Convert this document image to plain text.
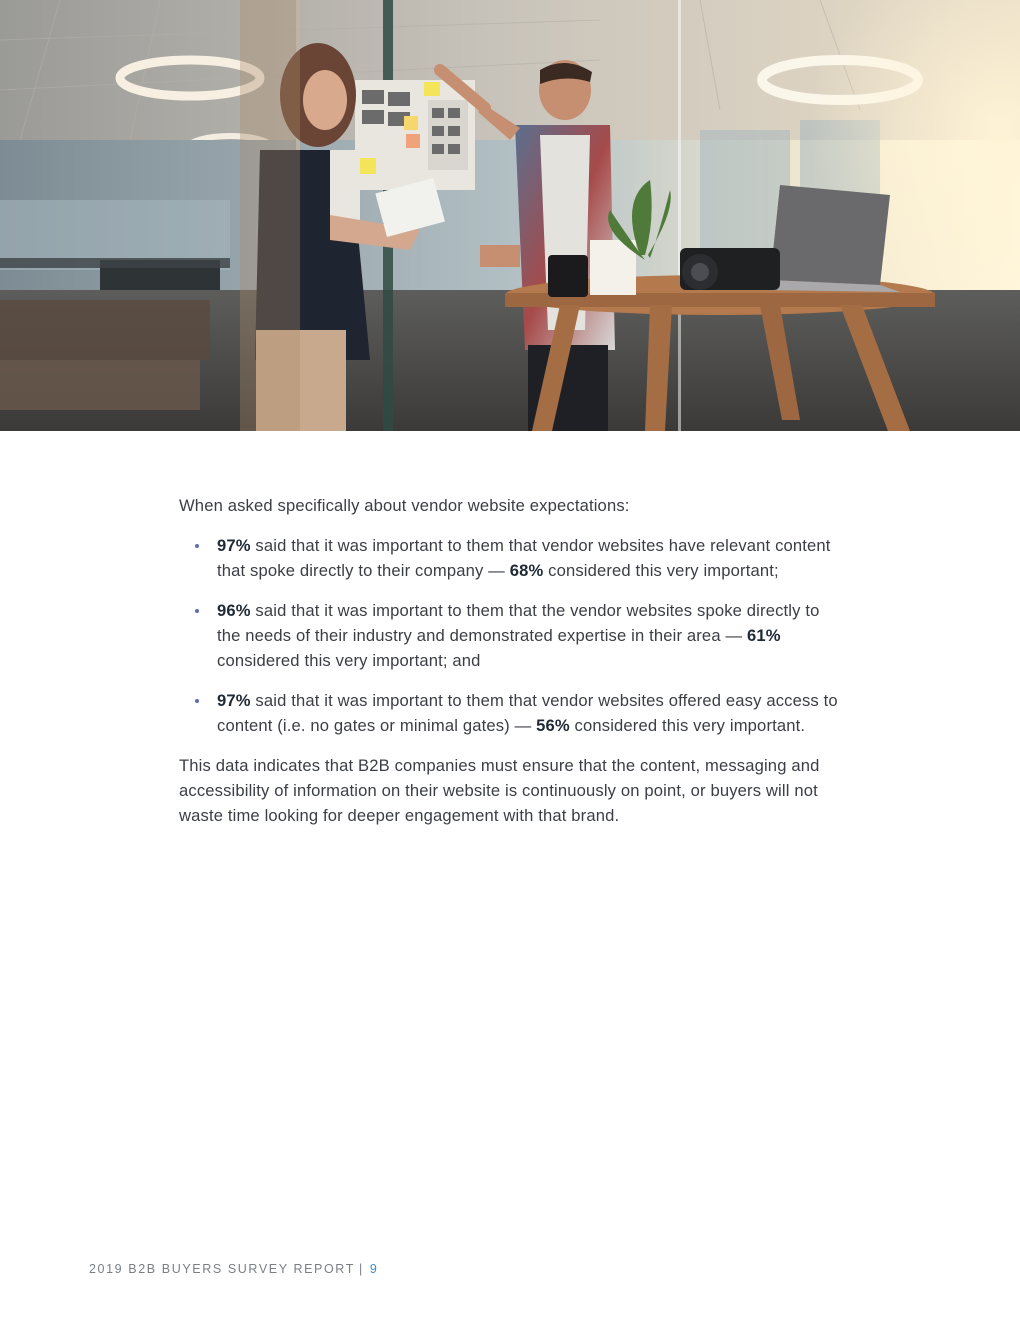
When asked specifically about vendor website expectations:

97% said that it was important to them that vendor websites have relevant content that spoke directly to their company — 68% considered this very important;
96% said that it was important to them that the vendor websites spoke directly to the needs of their industry and demonstrated expertise in their area — 61% considered this very important; and
97% said that it was important to them that vendor websites offered easy access to content (i.e. no gates or minimal gates) — 56% considered this very important.

This data indicates that B2B companies must ensure that the content, messaging and accessibility of information on their website is continuously on point, or buyers will not waste time looking for deeper engagement with that brand.

2019 B2B BUYERS SURVEY REPORT | 9
